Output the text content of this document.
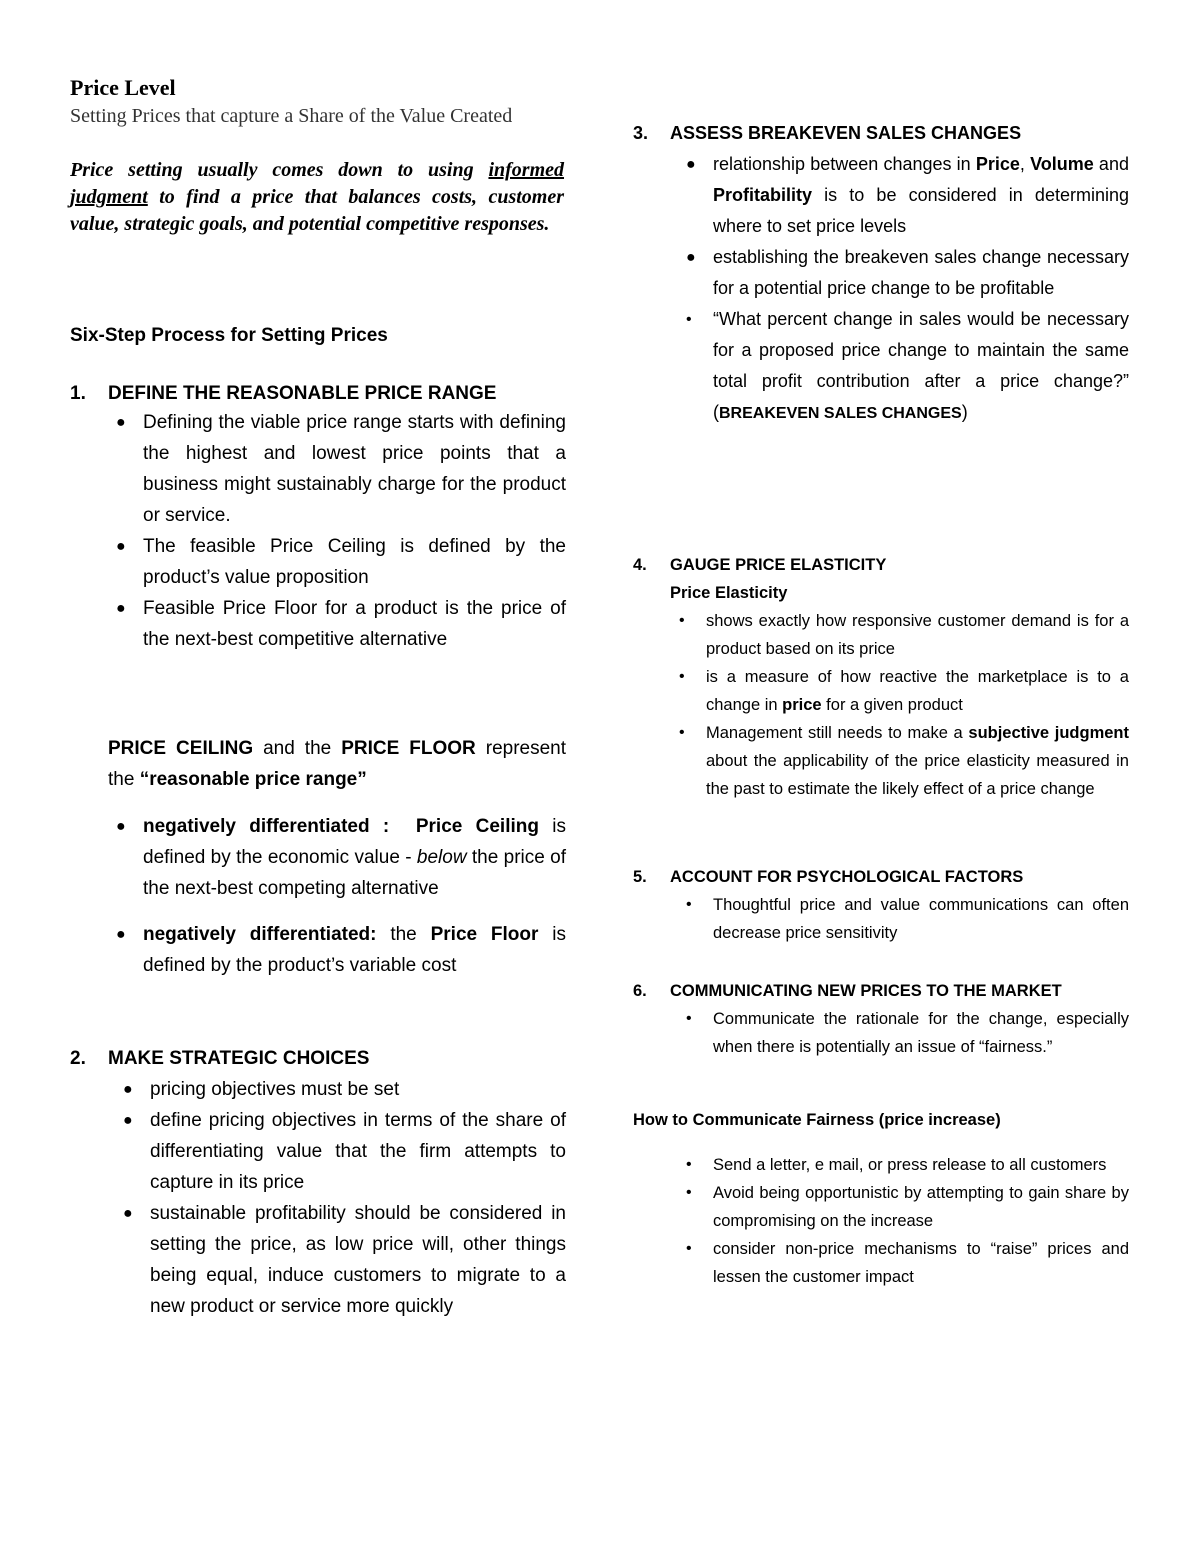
Price Level
Setting Prices that capture a Share of the Value Created
Price setting usually comes down to using informed judgment to find a price that balances costs, customer value, strategic goals, and potential competitive responses.
Six-Step Process for Setting Prices
1. DEFINE THE REASONABLE PRICE RANGE
● Defining the viable price range starts with defining the highest and lowest price points that a business might sustainably charge for the product or service.
● The feasible Price Ceiling is defined by the product’s value proposition
● Feasible Price Floor for a product is the price of the next-best competitive alternative
PRICE CEILING and the PRICE FLOOR represent the “reasonable price range”
● negatively differentiated : Price Ceiling is defined by the economic value - below the price of the next-best competing alternative
● negatively differentiated: the Price Floor is defined by the product’s variable cost
2. MAKE STRATEGIC CHOICES
● pricing objectives must be set
● define pricing objectives in terms of the share of differentiating value that the firm attempts to capture in its price
● sustainable profitability should be considered in setting the price, as low price will, other things being equal, induce customers to migrate to a new product or service more quickly
3. ASSESS BREAKEVEN SALES CHANGES
● relationship between changes in Price, Volume and Profitability is to be considered in determining where to set price levels
● establishing the breakeven sales change necessary for a potential price change to be profitable
• “What percent change in sales would be necessary for a proposed price change to maintain the same total profit contribution after a price change?” (BREAKEVEN SALES CHANGES)
4. GAUGE PRICE ELASTICITY
Price Elasticity
• shows exactly how responsive customer demand is for a product based on its price
• is a measure of how reactive the marketplace is to a change in price for a given product
• Management still needs to make a subjective judgment about the applicability of the price elasticity measured in the past to estimate the likely effect of a price change
5. ACCOUNT FOR PSYCHOLOGICAL FACTORS
• Thoughtful price and value communications can often decrease price sensitivity
6. COMMUNICATING NEW PRICES TO THE MARKET
• Communicate the rationale for the change, especially when there is potentially an issue of “fairness.”
How to Communicate Fairness (price increase)
• Send a letter, e mail, or press release to all customers
• Avoid being opportunistic by attempting to gain share by compromising on the increase
• consider non-price mechanisms to “raise” prices and lessen the customer impact
